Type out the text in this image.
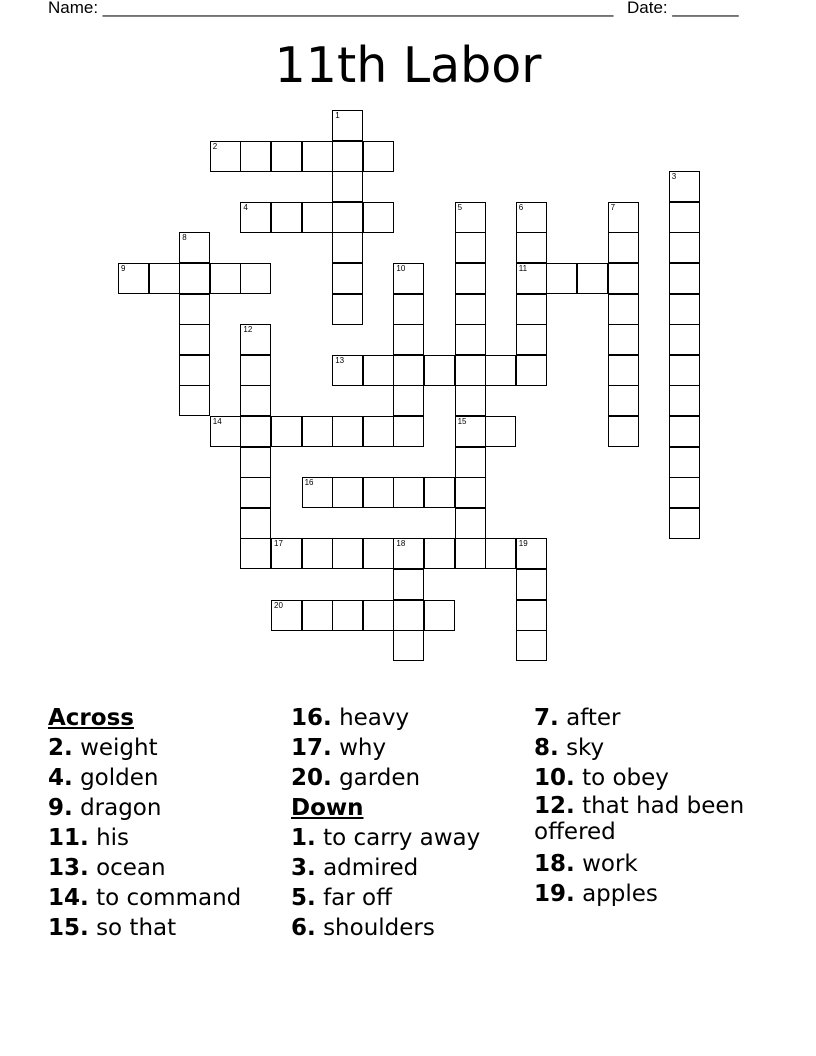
Name: ______________________________________________________ Date: _______
11th Labor
1
2
3
4	5
15
6
11
7
8
9	10
12
13
14
16
17	18	19
20
Across
2. weight
4. golden
9. dragon
11. his
13. ocean
14. to command
15. so that
16. heavy
17. why
20. garden
Down
1. to carry away
3. admired
5. far off
6. shoulders
7. after
8. sky
10. to obey
12. that had been offered
18. work
19. apples
